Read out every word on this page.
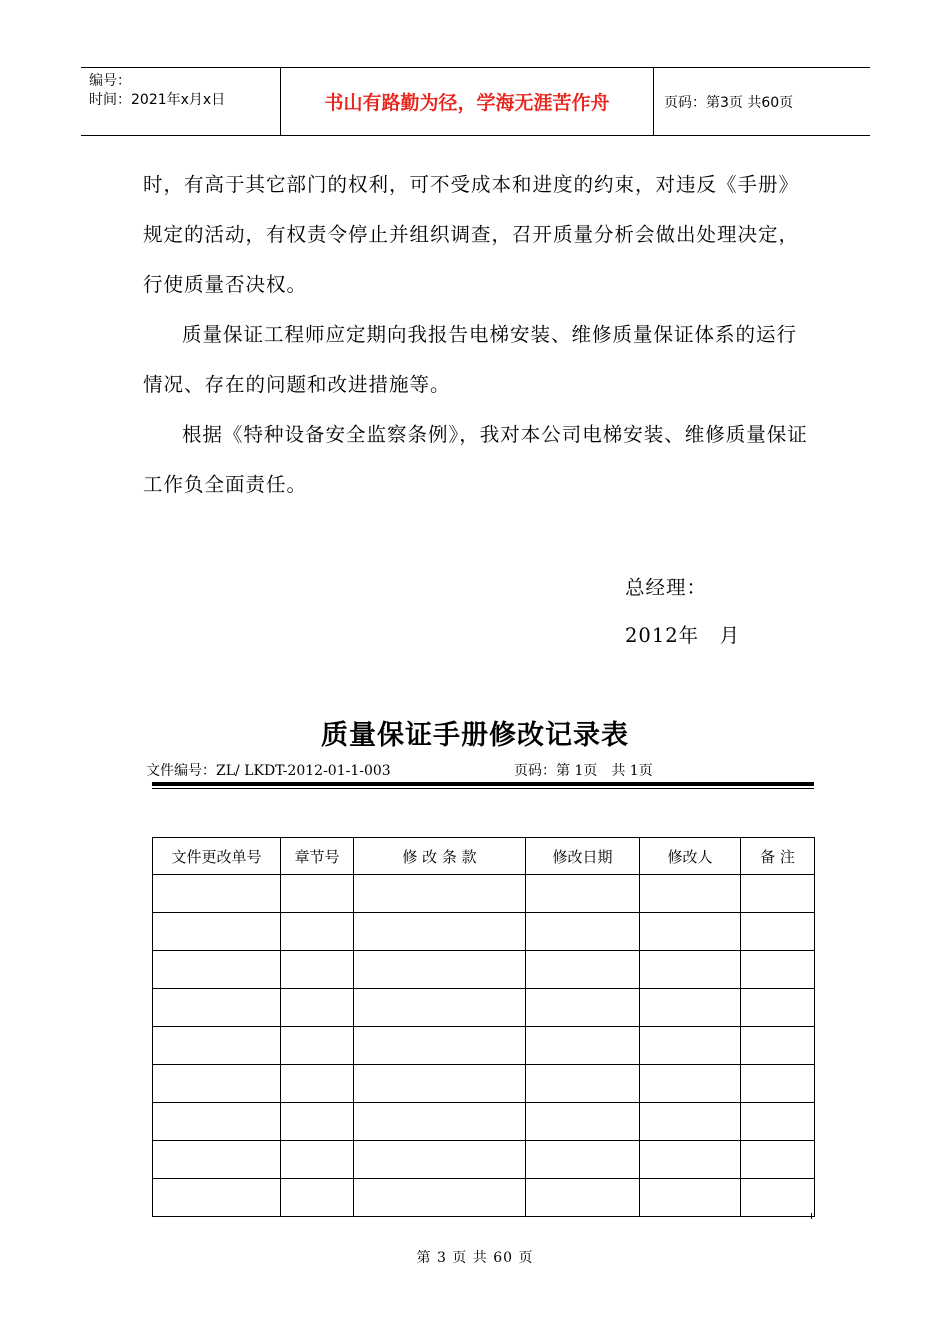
编号：
时间：2021年x月x日	书山有路勤为径，学海无涯苦作舟	页码：第3页 共60页

时，有高于其它部门的权利，可不受成本和进度的约束，对违反《手册》规定的活动，有权责令停止并组织调查，召开质量分析会做出处理决定，行使质量否决权。

质量保证工程师应定期向我报告电梯安装、维修质量保证体系的运行情况、存在的问题和改进措施等。

根据《特种设备安全监察条例》，我对本公司电梯安装、维修质量保证工作负全面责任。

总经理：
2012年　月
质量保证手册修改记录表
文件编号：ZL/ LKDT-2012-01-1-003	页码：第 1页　共 1页
文件更改单号	章节号	修 改 条 款	修改日期	修改人	备 注

第 3 页 共 60 页
